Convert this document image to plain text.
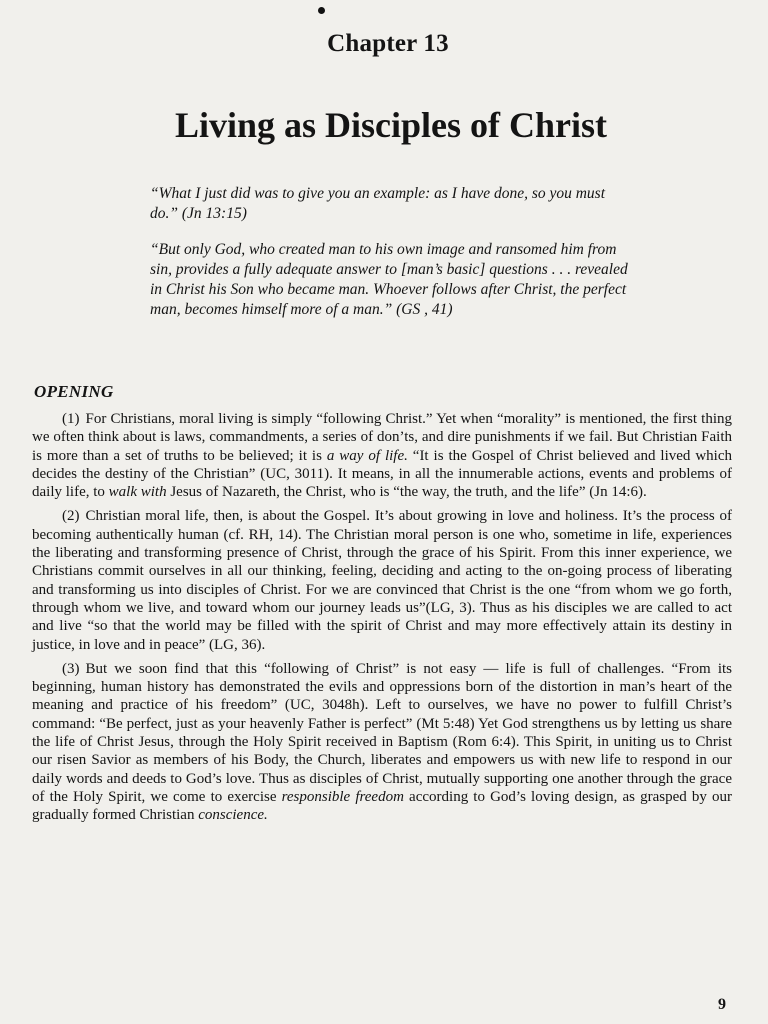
Chapter 13
Living as Disciples of Christ

“What I just did was to give you an example: as I have done, so you must do.” (Jn 13:15)

“But only God, who created man to his own image and ransomed him from sin, provides a fully adequate answer to [man’s basic] questions . . . revealed in Christ his Son who became man. Whoever follows after Christ, the perfect man, becomes himself more of a man.” (GS , 41)

OPENING

(1) For Christians, moral living is simply “following Christ.” Yet when “morality” is mentioned, the first thing we often think about is laws, commandments, a series of don’ts, and dire punishments if we fail. But Christian Faith is more than a set of truths to be believed; it is a way of life. “It is the Gospel of Christ believed and lived which decides the destiny of the Christian” (UC, 3011). It means, in all the innumerable actions, events and problems of daily life, to walk with Jesus of Nazareth, the Christ, who is “the way, the truth, and the life” (Jn 14:6).

(2) Christian moral life, then, is about the Gospel. It’s about growing in love and holiness. It’s the process of becoming authentically human (cf. RH, 14). The Christian moral person is one who, sometime in life, experiences the liberating and transforming presence of Christ, through the grace of his Spirit. From this inner experience, we Christians commit ourselves in all our thinking, feeling, deciding and acting to the on-going process of liberating and transforming us into disciples of Christ. For we are convinced that Christ is the one “from whom we go forth, through whom we live, and toward whom our journey leads us”(LG, 3). Thus as his disciples we are called to act and live “so that the world may be filled with the spirit of Christ and may more effectively attain its destiny in justice, in love and in peace” (LG, 36).

(3) But we soon find that this “following of Christ” is not easy — life is full of challenges. “From its beginning, human history has demonstrated the evils and oppressions born of the distortion in man’s heart of the meaning and practice of his freedom” (UC, 3048h). Left to ourselves, we have no power to fulfill Christ’s command: “Be perfect, just as your heavenly Father is perfect” (Mt 5:48) Yet God strengthens us by letting us share the life of Christ Jesus, through the Holy Spirit received in Baptism (Rom 6:4). This Spirit, in uniting us to Christ our risen Savior as members of his Body, the Church, liberates and empowers us with new life to respond in our daily words and deeds to God’s love. Thus as disciples of Christ, mutually supporting one another through the grace of the Holy Spirit, we come to exercise responsible freedom according to God’s loving design, as grasped by our gradually formed Christian conscience.

9
